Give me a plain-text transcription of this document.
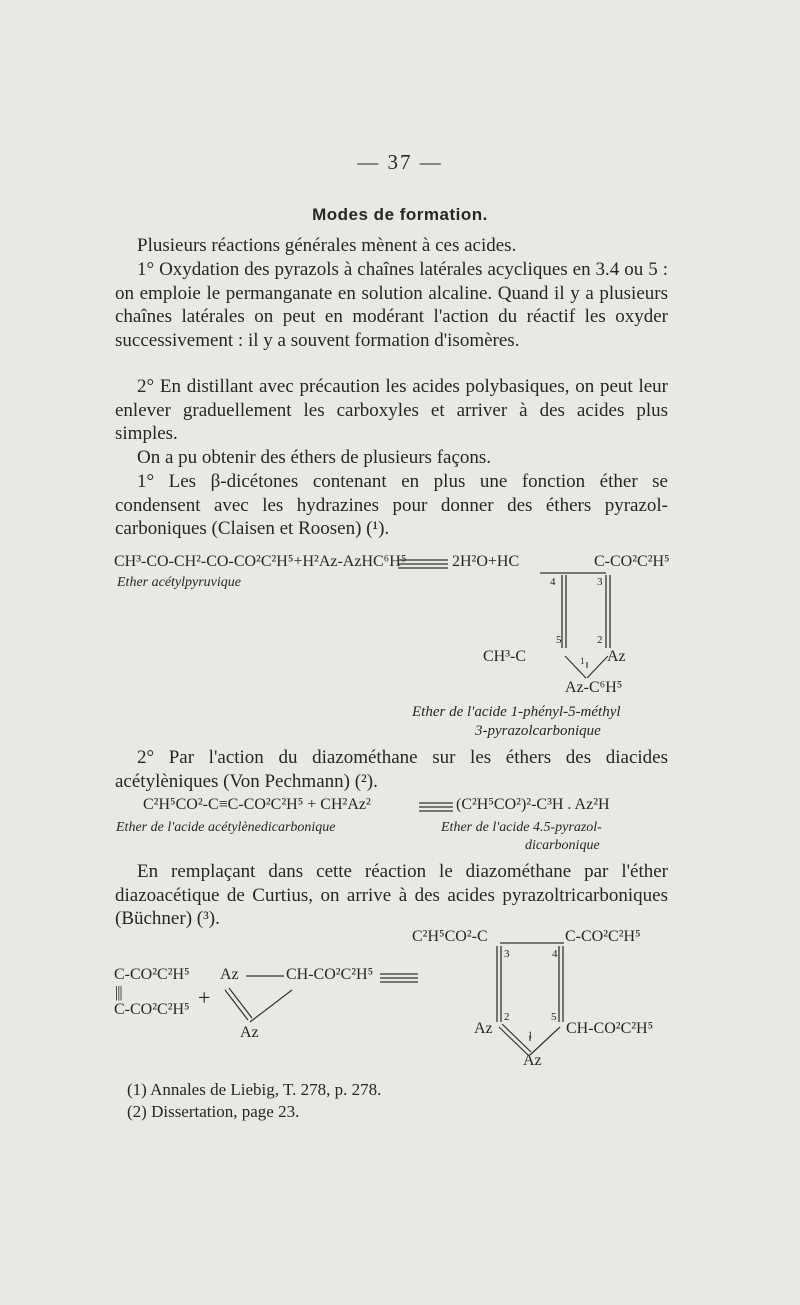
— 37 —
Modes de formation.
Plusieurs réactions générales mènent à ces acides.
1° Oxydation des pyrazols à chaînes latérales acycliques en 3.4 ou 5 : on emploie le permanganate en solution alcaline. Quand il y a plusieurs chaînes latérales on peut en modérant l'action du réactif les oxyder successivement : il y a souvent formation d'isomères.
2° En distillant avec précaution les acides polybasiques, on peut leur enlever graduellement les carboxyles et arriver à des acides plus simples.
On a pu obtenir des éthers de plusieurs façons.
1° Les β-dicétones contenant en plus une fonction éther se condensent avec les hydrazines pour donner des éthers pyrazol-carboniques (Claisen et Roosen) (¹).
CH³-CO-CH²-CO-CO²C²H⁵+H²Az-AzHC⁶H⁵	2H²O+HC	C-CO²C²H⁵
Ether acétylpyruvique	4	3
5	2
1
CH³-C	Az
Az-C⁶H⁵
Ether de l'acide 1-phényl-5-méthyl
3-pyrazolcarbonique
2° Par l'action du diazométhane sur les éthers des diacides acétylèniques (Von Pechmann) (²).
C²H⁵CO²-C≡C-CO²C²H⁵ + CH²Az²	(C²H⁵CO²)²-C³H . Az²H
Ether de l'acide acétylènedicarbonique	Ether de l'acide 4.5-pyrazol-
dicarbonique
En remplaçant dans cette réaction le diazométhane par l'éther diazoacétique de Curtius, on arrive à des acides pyrazoltricarboniques (Büchner) (³).
C²H⁵CO²-C	C-CO²C²H⁵
3	4
2	5
1
Az	CH-CO²C²H⁵
Az
C-CO²C²H⁵
|||	+
C-CO²C²H⁵
Az	CH-CO²C²H⁵
Az
(1) Annales de Liebig, T. 278, p. 278.
(2) Dissertation, page 23.
